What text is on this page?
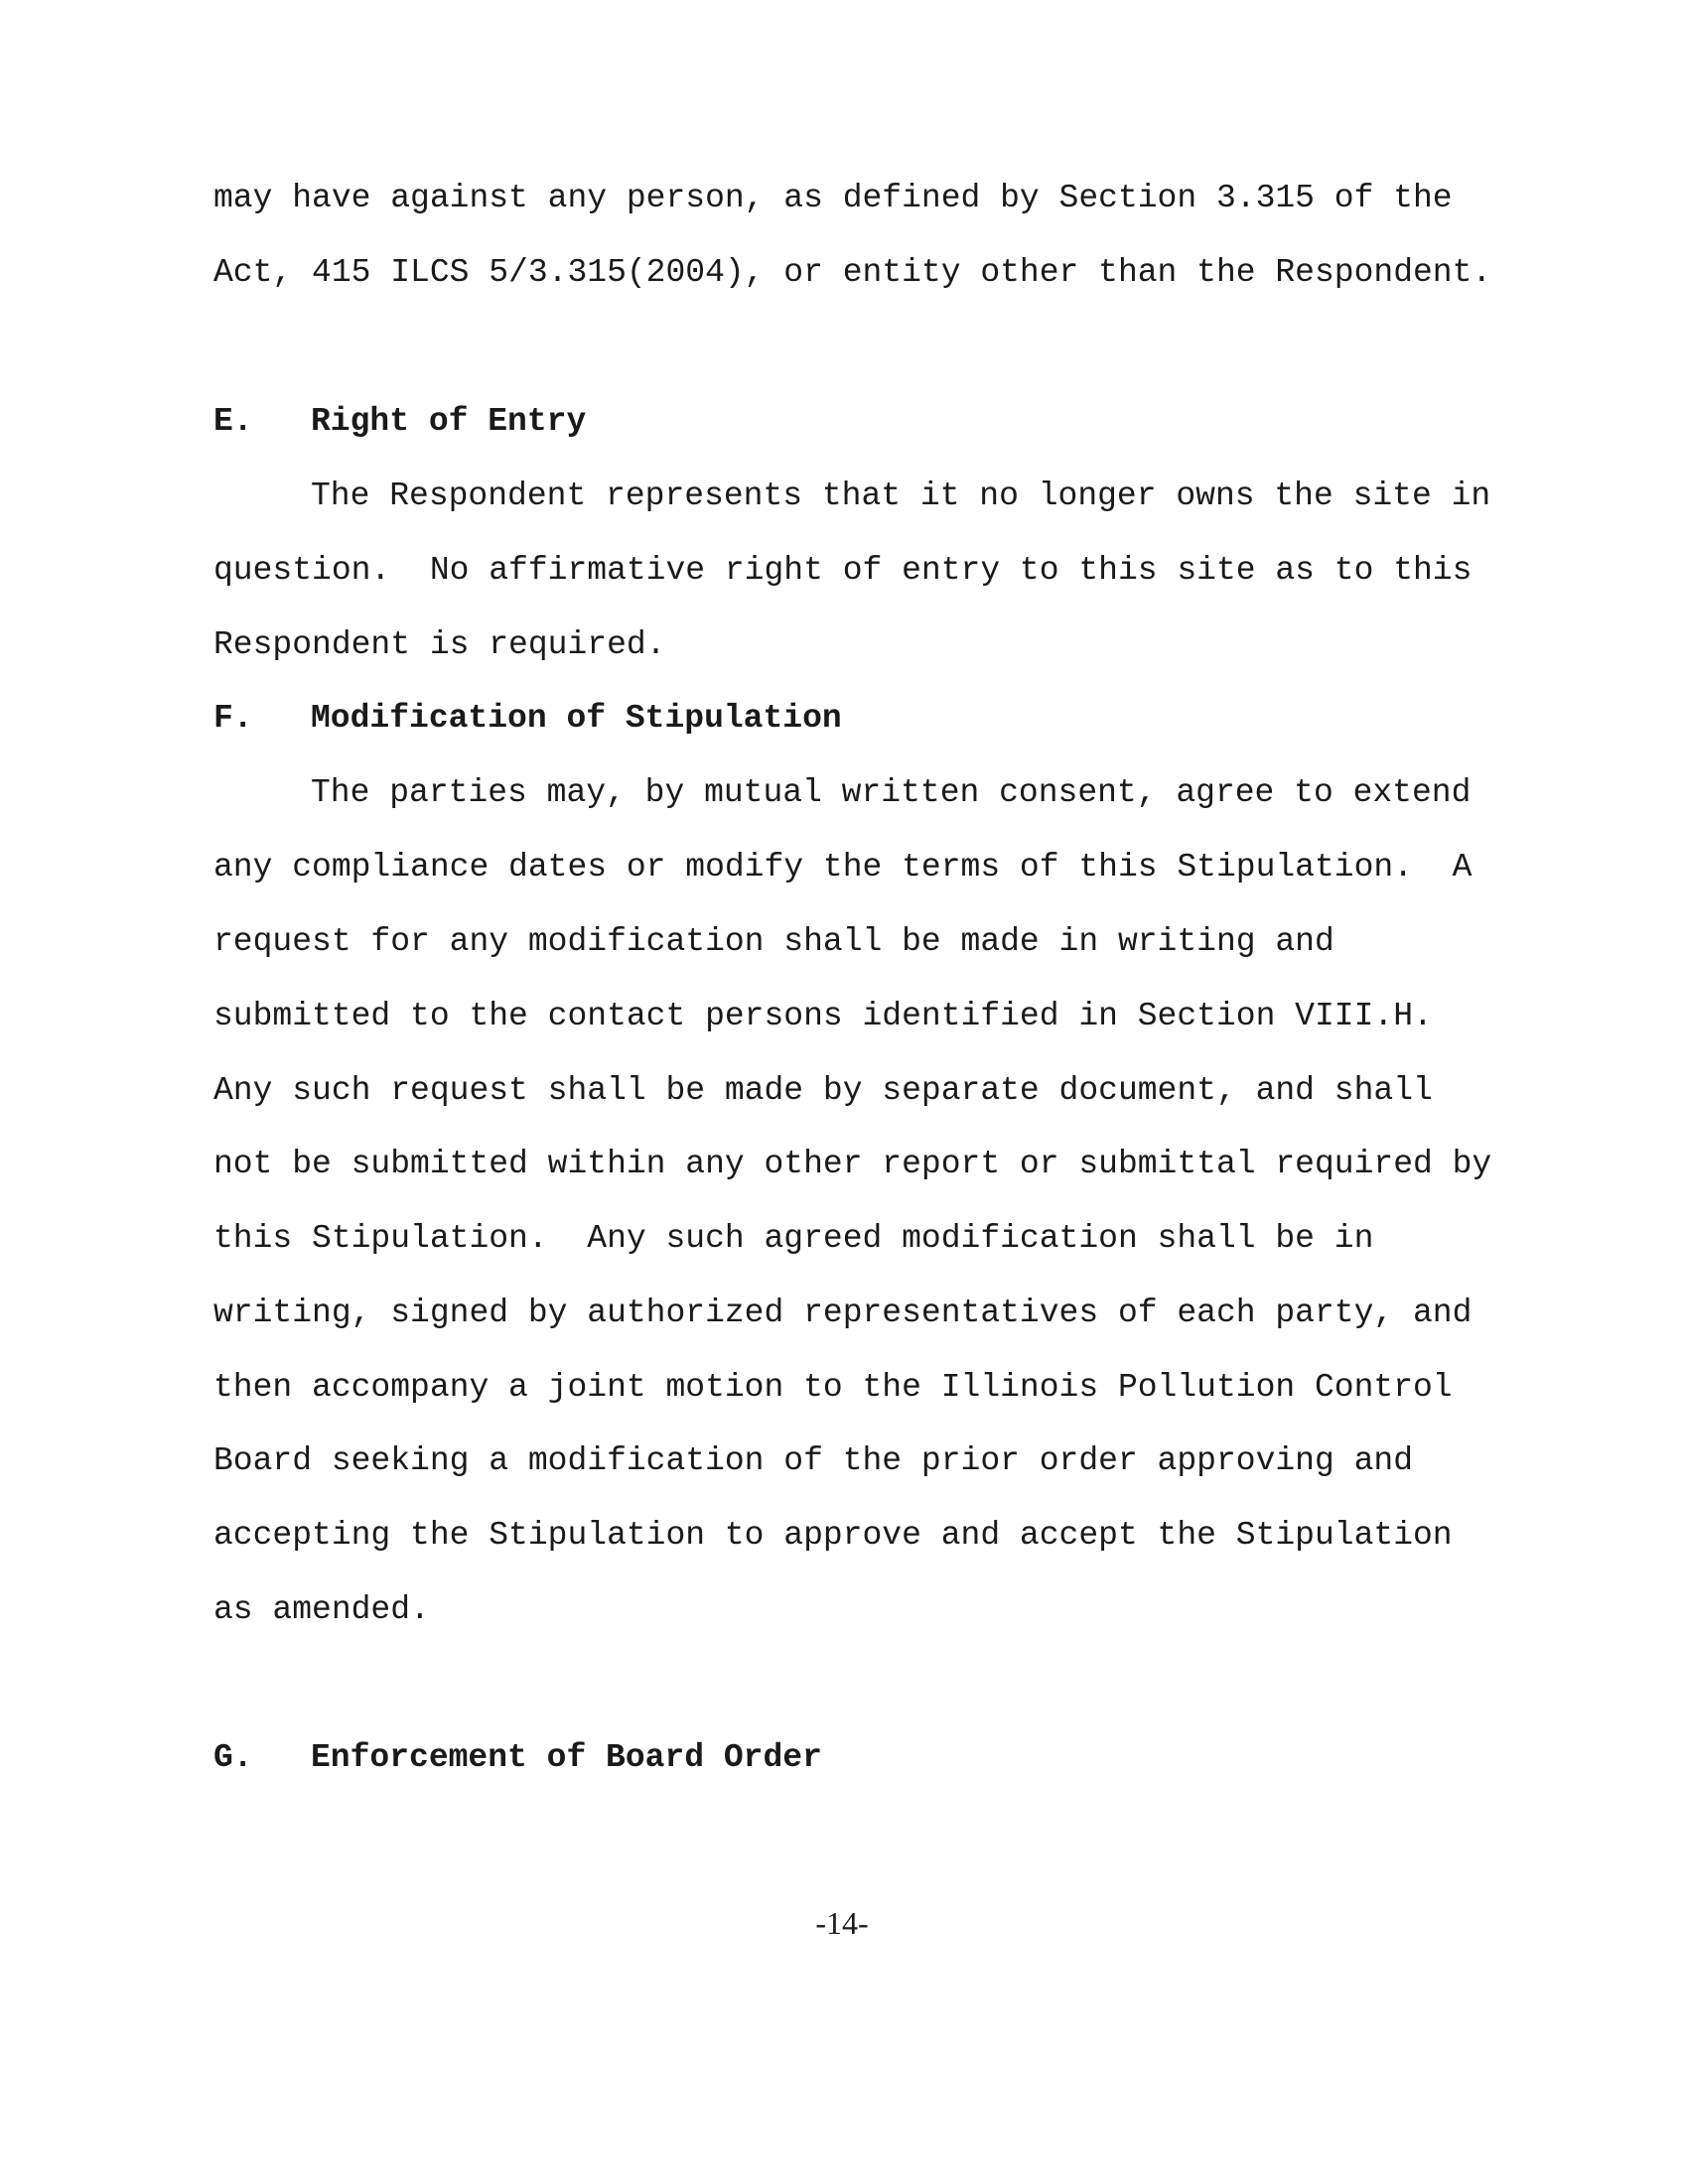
may have against any person, as defined by Section 3.315 of the
Act, 415 ILCS 5/3.315(2004), or entity other than the Respondent.
E. Right of Entry
The Respondent represents that it no longer owns the site in
question.  No affirmative right of entry to this site as to this
Respondent is required.
F. Modification of Stipulation
The parties may, by mutual written consent, agree to extend
any compliance dates or modify the terms of this Stipulation.  A
request for any modification shall be made in writing and
submitted to the contact persons identified in Section VIII.H.
Any such request shall be made by separate document, and shall
not be submitted within any other report or submittal required by
this Stipulation.  Any such agreed modification shall be in
writing, signed by authorized representatives of each party, and
then accompany a joint motion to the Illinois Pollution Control
Board seeking a modification of the prior order approving and
accepting the Stipulation to approve and accept the Stipulation
as amended.
G. Enforcement of Board Order
-14-
